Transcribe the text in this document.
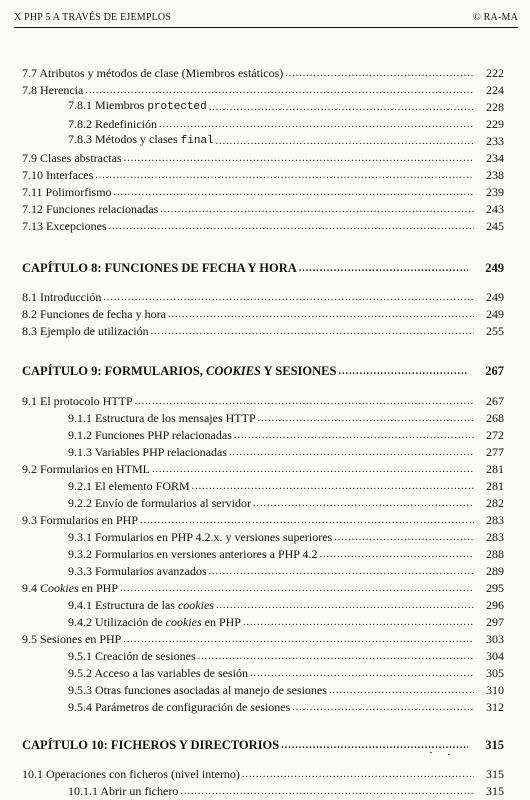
X PHP 5 A TRAVÉS DE EJEMPLOS	© RA-MA
7.7 Atributos y métodos de clase (Miembros estáticos) .....	222
7.8 Herencia .....	224
7.8.1 Miembros protected .....	228
7.8.2 Redefinición .....	229
7.8.3 Métodos y clases final .....	233
7.9 Clases abstractas .....	234
7.10 Interfaces .....	238
7.11 Polimorfismo .....	239
7.12 Funciones relacionadas .....	243
7.13 Excepciones .....	245
CAPÍTULO 8: FUNCIONES DE FECHA Y HORA .....	249
8.1 Introducción .....	249
8.2 Funciones de fecha y hora .....	249
8.3 Ejemplo de utilización .....	255
CAPÍTULO 9: FORMULARIOS, COOKIES Y SESIONES .....	267
9.1 El protocolo HTTP .....	267
9.1.1 Estructura de los mensajes HTTP .....	268
9.1.2 Funciones PHP relacionadas .....	272
9.1.3 Variables PHP relacionadas .....	277
9.2 Formularios en HTML .....	281
9.2.1 El elemento FORM .....	281
9.2.2 Envío de formularios al servidor .....	282
9.3 Formularios en PHP .....	283
9.3.1 Formularios en PHP 4.2.x. y versiones superiores .....	283
9.3.2 Formularios en versiones anteriores a PHP 4.2 .....	288
9.3.3 Formularios avanzados .....	289
9.4 Cookies en PHP .....	295
9.4.1 Estructura de las cookies .....	296
9.4.2 Utilización de cookies en PHP .....	297
9.5 Sesiones en PHP .....	303
9.5.1 Creación de sesiones .....	304
9.5.2 Acceso a las variables de sesión .....	305
9.5.3 Otras funciones asociadas al manejo de sesiones .....	310
9.5.4 Parámetros de configuración de sesiones .....	312
CAPÍTULO 10: FICHEROS Y DIRECTORIOS .....	315
10.1 Operaciones con ficheros (nivel interno) .....	315
10.1.1 Abrir un fichero .....	315
